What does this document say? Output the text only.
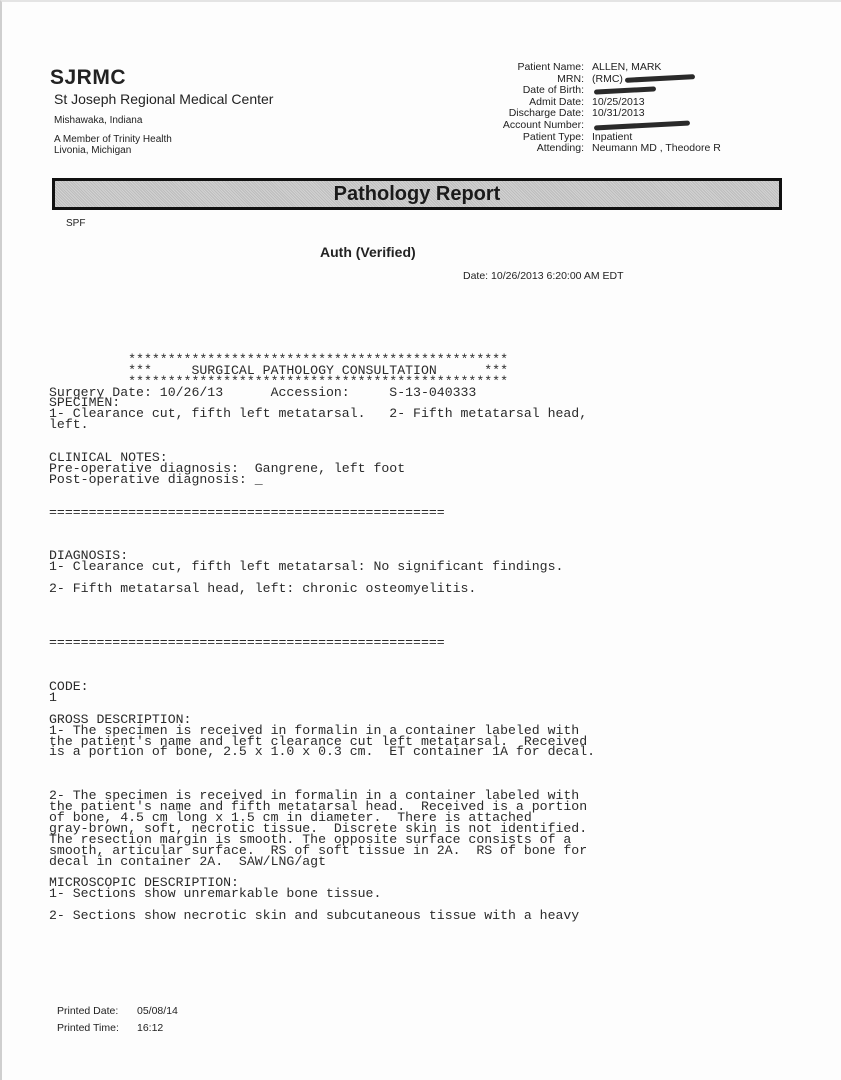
SJRMC
St Joseph Regional Medical Center
Mishawaka, Indiana
A Member of Trinity Health
Livonia, Michigan
Patient Name: ALLEN, MARK
MRN: (RMC)
Date of Birth:
Admit Date: 10/25/2013
Discharge Date: 10/31/2013
Account Number:
Patient Type: Inpatient
Attending: Neumann MD , Theodore R
Pathology Report
SPF
Auth (Verified)
Date: 10/26/2013 6:20:00 AM EDT

************************************************
***     SURGICAL PATHOLOGY CONSULTATION      ***
************************************************
Surgery Date: 10/26/13      Accession:     S-13-040333
SPECIMEN:
1- Clearance cut, fifth left metatarsal.   2- Fifth metatarsal head,
left.

CLINICAL NOTES:
Pre-operative diagnosis:  Gangrene, left foot
Post-operative diagnosis: _

==================================================

DIAGNOSIS:
1- Clearance cut, fifth left metatarsal: No significant findings.

2- Fifth metatarsal head, left: chronic osteomyelitis.

==================================================

CODE:
1

GROSS DESCRIPTION:
1- The specimen is received in formalin in a container labeled with
the patient's name and left clearance cut left metatarsal.  Received
is a portion of bone, 2.5 x 1.0 x 0.3 cm.  ET container 1A for decal.

2- The specimen is received in formalin in a container labeled with
the patient's name and fifth metatarsal head.  Received is a portion
of bone, 4.5 cm long x 1.5 cm in diameter.  There is attached
gray-brown, soft, necrotic tissue.  Discrete skin is not identified.
The resection margin is smooth. The opposite surface consists of a
smooth, articular surface.  RS of soft tissue in 2A.  RS of bone for
decal in container 2A.  SAW/LNG/agt

MICROSCOPIC DESCRIPTION:
1- Sections show unremarkable bone tissue.

2- Sections show necrotic skin and subcutaneous tissue with a heavy
Printed Date: 05/08/14
Printed Time: 16:12
